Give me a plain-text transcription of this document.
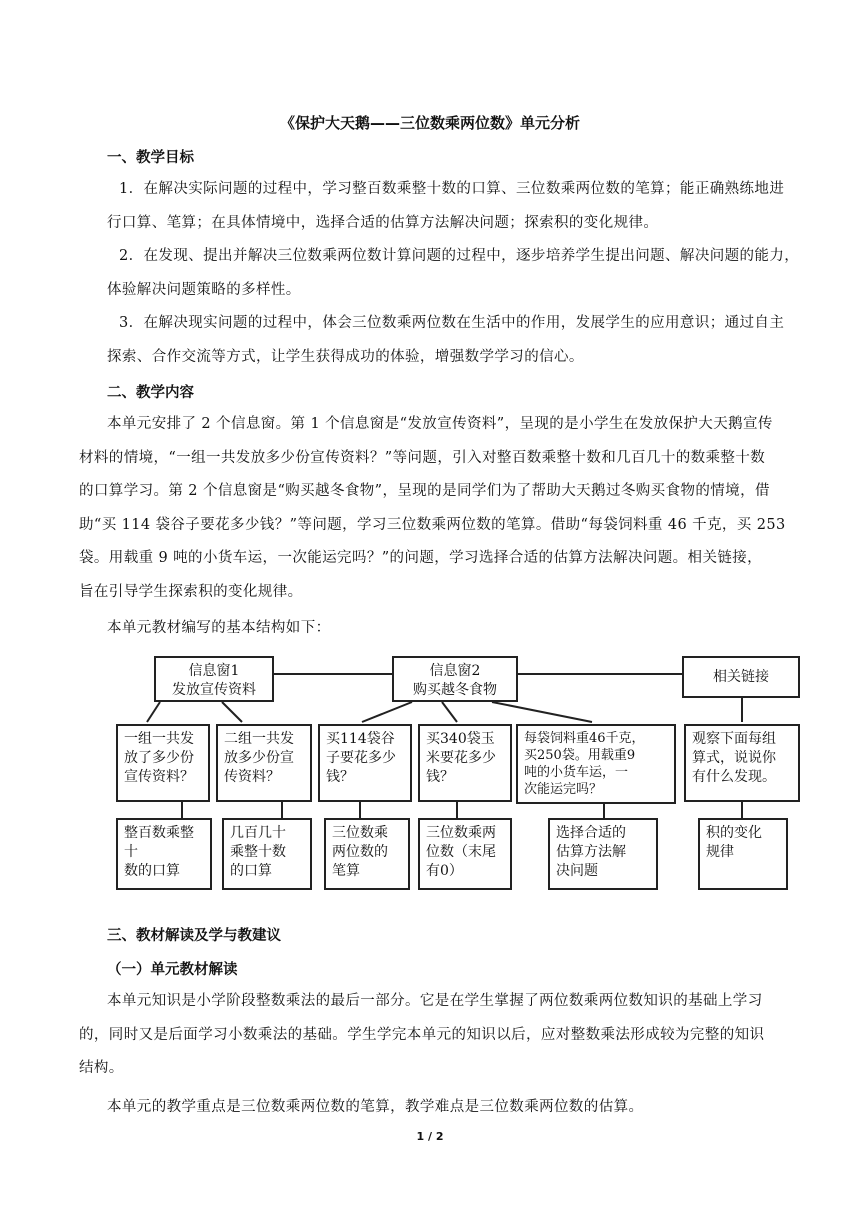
《保护大天鹅——三位数乘两位数》单元分析
一、教学目标
1．在解决实际问题的过程中，学习整百数乘整十数的口算、三位数乘两位数的笔算；能正确熟练地进
行口算、笔算；在具体情境中，选择合适的估算方法解决问题；探索积的变化规律。
2．在发现、提出并解决三位数乘两位数计算问题的过程中，逐步培养学生提出问题、解决问题的能力，
体验解决问题策略的多样性。
3．在解决现实问题的过程中，体会三位数乘两位数在生活中的作用，发展学生的应用意识；通过自主
探索、合作交流等方式，让学生获得成功的体验，增强数学学习的信心。
二、教学内容
本单元安排了 2 个信息窗。第 1 个信息窗是“发放宣传资料”，呈现的是小学生在发放保护大天鹅宣传
材料的情境，“一组一共发放多少份宣传资料？”等问题，引入对整百数乘整十数和几百几十的数乘整十数
的口算学习。第 2 个信息窗是“购买越冬食物”，呈现的是同学们为了帮助大天鹅过冬购买食物的情境，借
助“买 114 袋谷子要花多少钱？”等问题，学习三位数乘两位数的笔算。借助“每袋饲料重 46 千克，买 253
袋。用载重 9 吨的小货车运，一次能运完吗？”的问题，学习选择合适的估算方法解决问题。相关链接，
旨在引导学生探索积的变化规律。
本单元教材编写的基本结构如下：
信息窗1
发放宣传资料
信息窗2
购买越冬食物
相关链接
一组一共发
放了多少份
宣传资料？
二组一共发
放多少份宣
传资料？
买114袋谷
子要花多少
钱？
买340袋玉
米要花多少
钱？
每袋饲料重46千克，
买250袋。用载重9
吨的小货车运，一
次能运完吗？
观察下面每组
算式，说说你
有什么发现。
整百数乘整十
数的口算
几百几十
乘整十数
的口算
三位数乘
两位数的
笔算
三位数乘两
位数（末尾
有0）
选择合适的
估算方法解
决问题
积的变化
规律
三、教材解读及学与教建议
（一）单元教材解读
本单元知识是小学阶段整数乘法的最后一部分。它是在学生掌握了两位数乘两位数知识的基础上学习
的，同时又是后面学习小数乘法的基础。学生学完本单元的知识以后，应对整数乘法形成较为完整的知识
结构。
本单元的教学重点是三位数乘两位数的笔算，教学难点是三位数乘两位数的估算。
1 / 2
